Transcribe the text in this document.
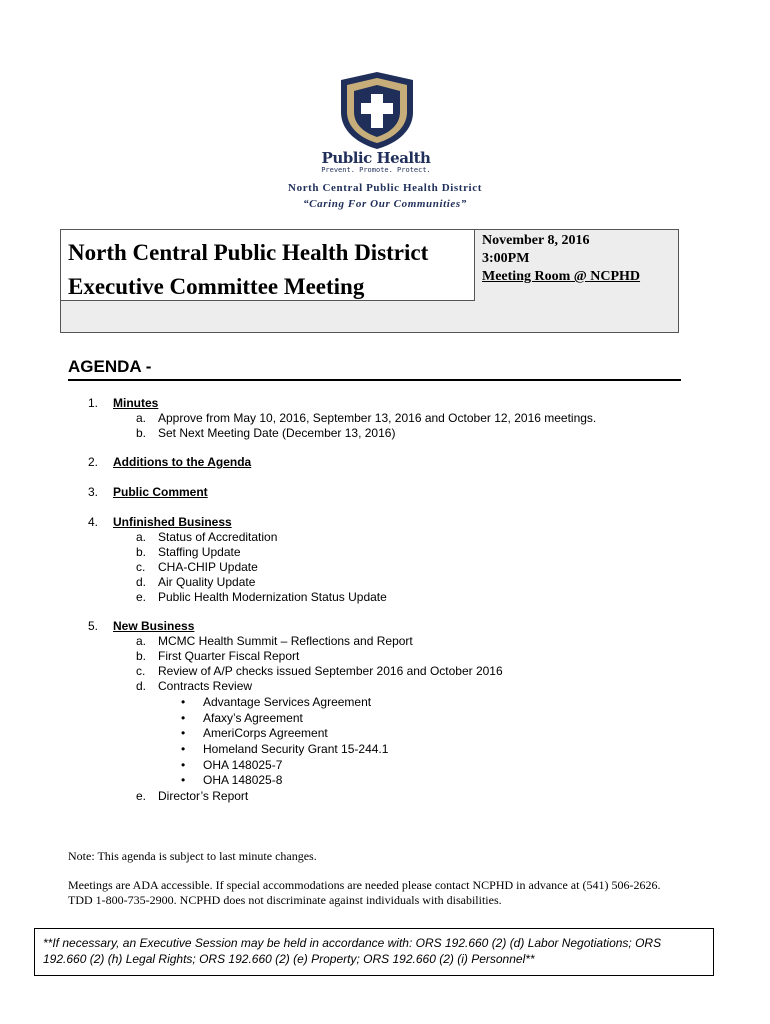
Public Health
Prevent. Promote. Protect.
North Central Public Health District
“Caring For Our Communities”
North Central Public Health District
Executive Committee Meeting
November 8, 2016
3:00PM
Meeting Room @ NCPHD
AGENDA -
1.	Minutes
a. Approve from May 10, 2016, September 13, 2016 and October 12, 2016 meetings.
b. Set Next Meeting Date (December 13, 2016)
2.	Additions to the Agenda
3.	Public Comment
4.	Unfinished Business
a. Status of Accreditation
b. Staffing Update
c.	CHA-CHIP Update
d. Air Quality Update
e. Public Health Modernization Status Update
5.	New Business
a. MCMC Health Summit – Reflections and Report
b. First Quarter Fiscal Report
c.	Review of A/P checks issued September 2016 and October 2016
d. Contracts Review
•	Advantage Services Agreement
•	Afaxy’s Agreement
•	AmeriCorps Agreement
•	Homeland Security Grant 15-244.1
•	OHA 148025-7
•	OHA 148025-8
e. Director’s Report
Note: This agenda is subject to last minute changes.
Meetings are ADA accessible. If special accommodations are needed please contact NCPHD in advance at (541) 506-2626. TDD 1-800-735-2900. NCPHD does not discriminate against individuals with disabilities.
**If necessary, an Executive Session may be held in accordance with: ORS 192.660 (2) (d) Labor Negotiations; ORS 192.660 (2) (h) Legal Rights; ORS 192.660 (2) (e) Property; ORS 192.660 (2) (i) Personnel**
